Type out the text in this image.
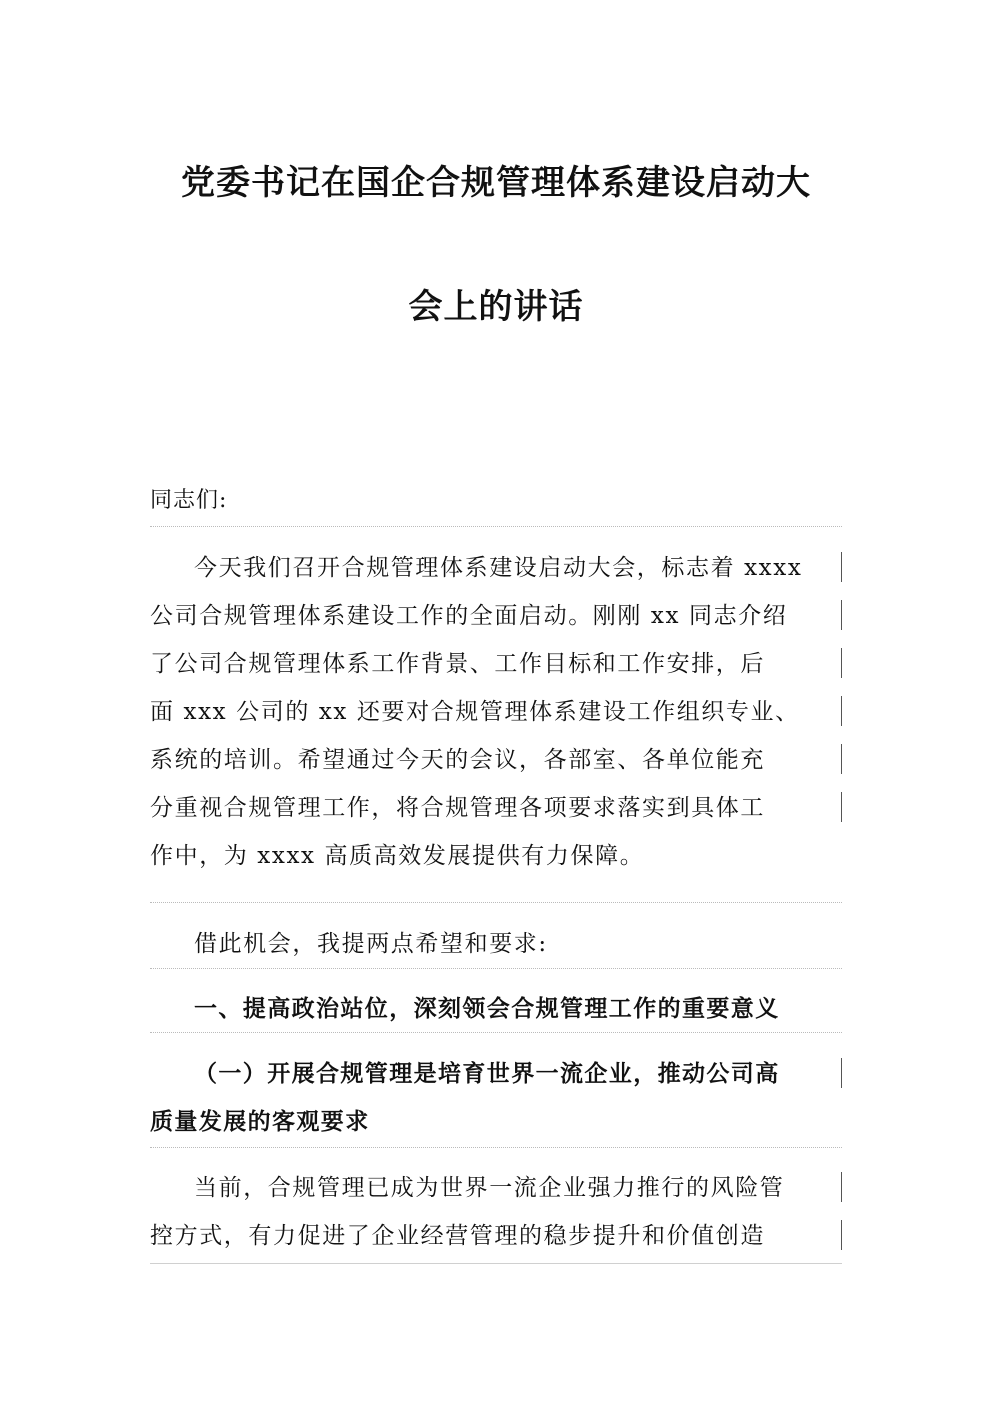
党委书记在国企合规管理体系建设启动大
会上的讲话
同志们:
今天我们召开合规管理体系建设启动大会，标志着 xxxx
公司合规管理体系建设工作的全面启动。刚刚 xx 同志介绍
了公司合规管理体系工作背景、工作目标和工作安排，后
面 xxx 公司的 xx 还要对合规管理体系建设工作组织专业、
系统的培训。希望通过今天的会议，各部室、各单位能充
分重视合规管理工作，将合规管理各项要求落实到具体工
作中，为 xxxx 高质高效发展提供有力保障。
借此机会，我提两点希望和要求:
一、提高政治站位，深刻领会合规管理工作的重要意义
（一）开展合规管理是培育世界一流企业，推动公司高
质量发展的客观要求
当前，合规管理已成为世界一流企业强力推行的风险管
控方式，有力促进了企业经营管理的稳步提升和价值创造
